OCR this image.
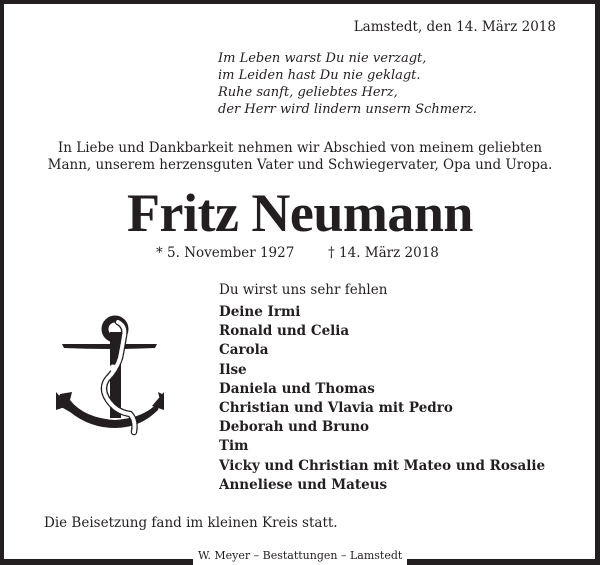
Lamstedt, den 14. März 2018
Im Leben warst Du nie verzagt,
im Leiden hast Du nie geklagt.
Ruhe sanft, geliebtes Herz,
der Herr wird lindern unsern Schmerz.
In Liebe und Dankbarkeit nehmen wir Abschied von meinem geliebten
Mann, unserem herzensguten Vater und Schwiegervater, Opa und Uropa.
Fritz Neumann
* 5. November 1927 † 14. März 2018
Du wirst uns sehr fehlen
Deine Irmi
Ronald und Celia
Carola
Ilse
Daniela und Thomas
Christian und Vlavia mit Pedro
Deborah und Bruno
Tim
Vicky und Christian mit Mateo und Rosalie
Anneliese und Mateus
Die Beisetzung fand im kleinen Kreis statt.
W. Meyer – Bestattungen – Lamstedt
